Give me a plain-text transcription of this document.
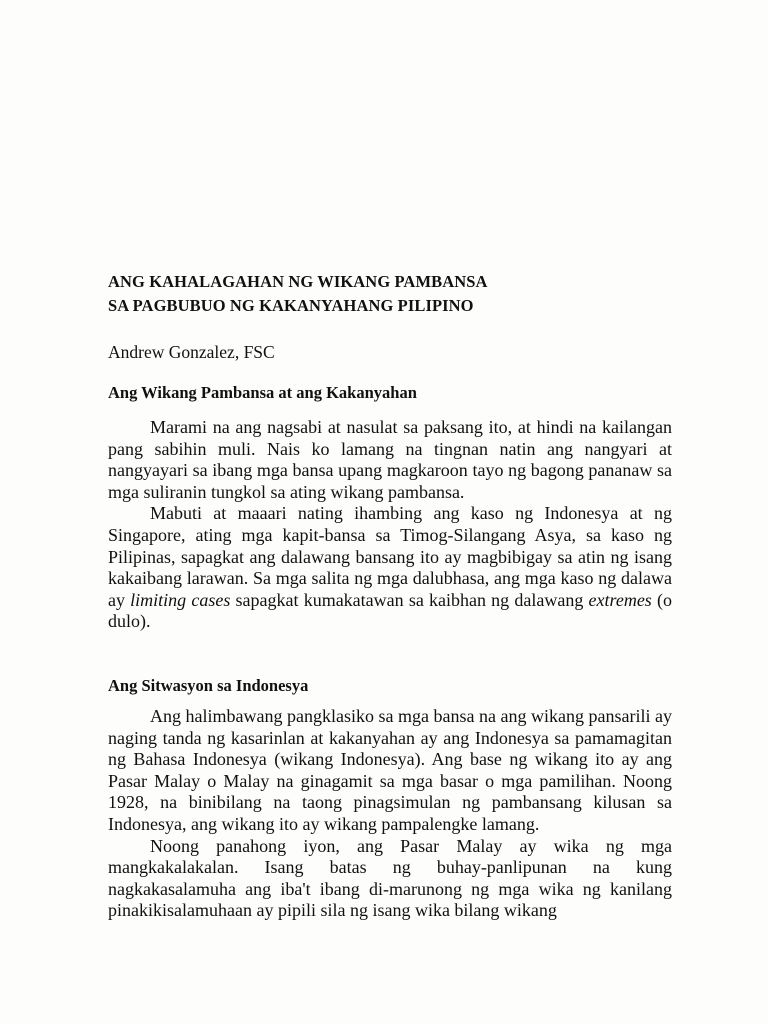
ANG KAHALAGAHAN NG WIKANG PAMBANSA
SA PAGBUBUO NG KAKANYAHANG PILIPINO

Andrew Gonzalez, FSC

Ang Wikang Pambansa at ang Kakanyahan

Marami na ang nagsabi at nasulat sa paksang ito, at hindi na kailangan pang sabihin muli. Nais ko lamang na tingnan natin ang nangyari at nangyayari sa ibang mga bansa upang magkaroon tayo ng bagong pananaw sa mga suliranin tungkol sa ating wikang pambansa.

Mabuti at maaari nating ihambing ang kaso ng Indonesya at ng Singapore, ating mga kapit-bansa sa Timog-Silangang Asya, sa kaso ng Pilipinas, sapagkat ang dalawang bansang ito ay magbibigay sa atin ng isang kakaibang larawan. Sa mga salita ng mga dalubhasa, ang mga kaso ng dalawa ay limiting cases sapagkat kumakatawan sa kaibhan ng dalawang extremes (o dulo).

Ang Sitwasyon sa Indonesya

Ang halimbawang pangklasiko sa mga bansa na ang wikang pansarili ay naging tanda ng kasarinlan at kakanyahan ay ang Indonesya sa pamamagitan ng Bahasa Indonesya (wikang Indonesya). Ang base ng wikang ito ay ang Pasar Malay o Malay na ginagamit sa mga basar o mga pamilihan. Noong 1928, na binibilang na taong pinagsimulan ng pambansang kilusan sa Indonesya, ang wikang ito ay wikang pampalengke lamang.

Noong panahong iyon, ang Pasar Malay ay wika ng mga mangkakalakalan. Isang batas ng buhay-panlipunan na kung nagkakasalamuha ang iba't ibang di-marunong ng mga wika ng kanilang pinakikisalamuhaan ay pipili sila ng isang wika bilang wikang
